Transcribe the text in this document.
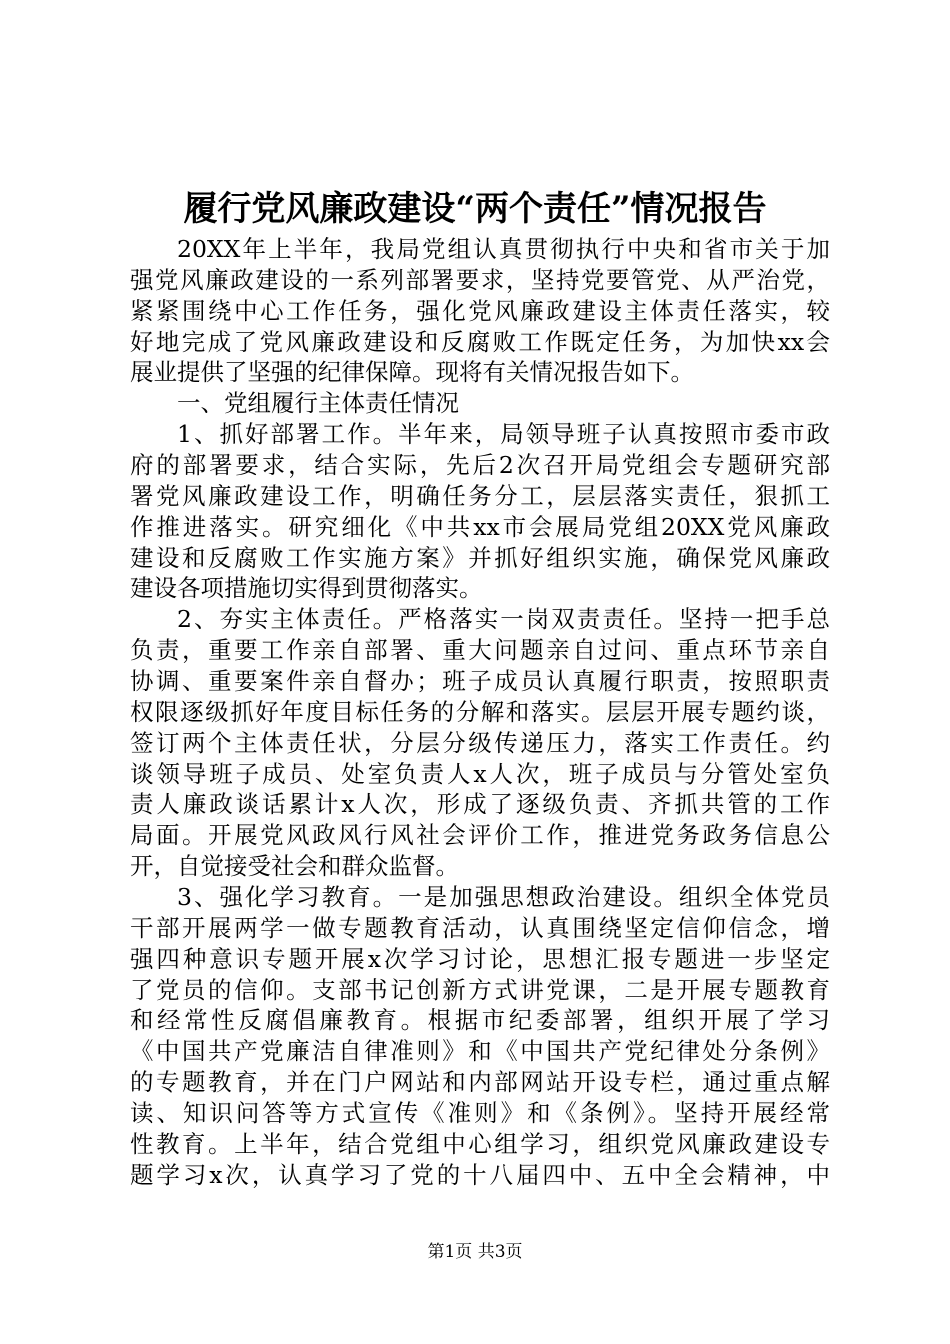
履行党风廉政建设“两个责任”情况报告
20XX年上半年，我局党组认真贯彻执行中央和省市关于加
强党风廉政建设的一系列部署要求，坚持党要管党、从严治党，
紧紧围绕中心工作任务，强化党风廉政建设主体责任落实，较
好地完成了党风廉政建设和反腐败工作既定任务，为加快xx会
展业提供了坚强的纪律保障。现将有关情况报告如下。
一、党组履行主体责任情况
1、抓好部署工作。半年来，局领导班子认真按照市委市政
府的部署要求，结合实际，先后2次召开局党组会专题研究部
署党风廉政建设工作，明确任务分工，层层落实责任，狠抓工
作推进落实。研究细化《中共xx市会展局党组20XX党风廉政
建设和反腐败工作实施方案》并抓好组织实施，确保党风廉政
建设各项措施切实得到贯彻落实。
2、夯实主体责任。严格落实一岗双责责任。坚持一把手总
负责，重要工作亲自部署、重大问题亲自过问、重点环节亲自
协调、重要案件亲自督办；班子成员认真履行职责，按照职责
权限逐级抓好年度目标任务的分解和落实。层层开展专题约谈，
签订两个主体责任状，分层分级传递压力，落实工作责任。约
谈领导班子成员、处室负责人x人次，班子成员与分管处室负
责人廉政谈话累计x人次，形成了逐级负责、齐抓共管的工作
局面。开展党风政风行风社会评价工作，推进党务政务信息公
开，自觉接受社会和群众监督。
3、强化学习教育。一是加强思想政治建设。组织全体党员
干部开展两学一做专题教育活动，认真围绕坚定信仰信念，增
强四种意识专题开展x次学习讨论，思想汇报专题进一步坚定
了党员的信仰。支部书记创新方式讲党课，二是开展专题教育
和经常性反腐倡廉教育。根据市纪委部署，组织开展了学习
《中国共产党廉洁自律准则》和《中国共产党纪律处分条例》
的专题教育，并在门户网站和内部网站开设专栏，通过重点解
读、知识问答等方式宣传《准则》和《条例》。坚持开展经常
性教育。上半年，结合党组中心组学习，组织党风廉政建设专
题学习x次，认真学习了党的十八届四中、五中全会精神，中
第1页 共3页
